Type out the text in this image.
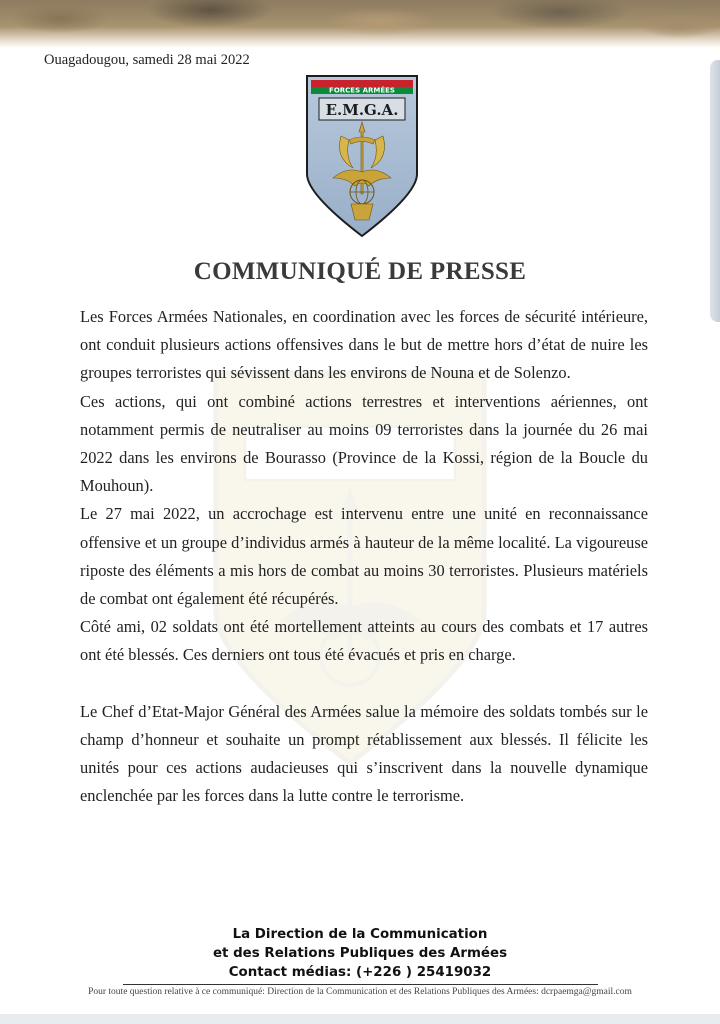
Ouagadougou, samedi 28 mai 2022
FORCES ARMÉES
E.M.G.A.
COMMUNIQUÉ DE PRESSE

Les Forces Armées Nationales, en coordination avec les forces de sécurité intérieure, ont conduit plusieurs actions offensives dans le but de mettre hors d’état de nuire les groupes terroristes qui sévissent dans les environs de Nouna et de Solenzo.

Ces actions, qui ont combiné actions terrestres et interventions aériennes, ont notamment permis de neutraliser au moins 09 terroristes dans la journée du 26 mai 2022 dans les environs de Bourasso (Province de la Kossi, région de la Boucle du Mouhoun).

Le 27 mai 2022, un accrochage est intervenu entre une unité en reconnaissance offensive et un groupe d’individus armés à hauteur de la même localité. La vigoureuse riposte des éléments a mis hors de combat au moins 30 terroristes. Plusieurs matériels de combat ont également été récupérés.

Côté ami, 02 soldats ont été mortellement atteints au cours des combats et 17 autres ont été blessés. Ces derniers ont tous été évacués et pris en charge.

Le Chef d’Etat-Major Général des Armées salue la mémoire des soldats tombés sur le champ d’honneur et souhaite un prompt rétablissement aux blessés. Il félicite les unités pour ces actions audacieuses qui s’inscrivent dans la nouvelle dynamique enclenchée par les forces dans la lutte contre le terrorisme.

La Direction de la Communication
et des Relations Publiques des Armées
Contact médias: (+226 ) 25419032
Pour toute question relative à ce communiqué: Direction de la Communication et des Relations Publiques des Armées: dcrpaemga@gmail.com
